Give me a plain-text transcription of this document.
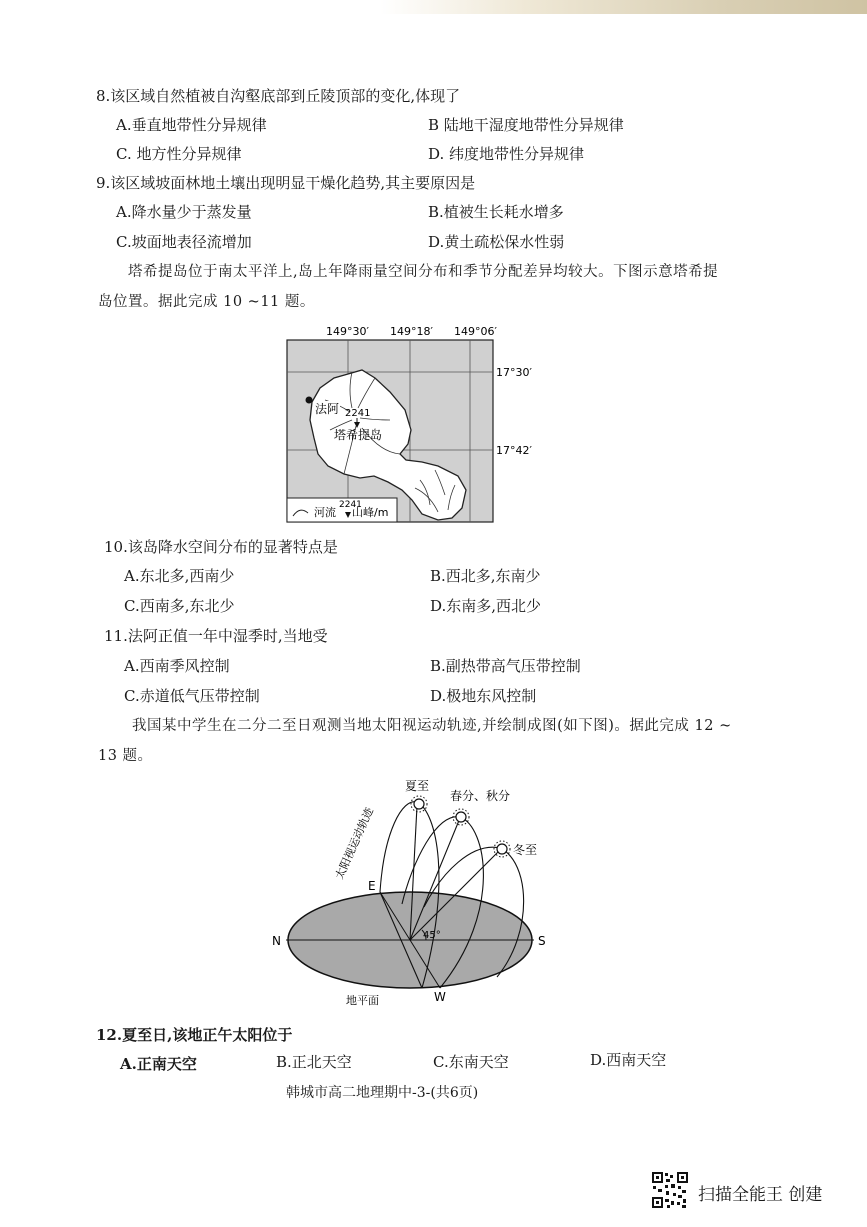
8.该区域自然植被自沟壑底部到丘陵顶部的变化,体现了
A.垂直地带性分异规律	B 陆地干湿度地带性分异规律
C. 地方性分异规律	D. 纬度地带性分异规律
9.该区域坡面林地土壤出现明显干燥化趋势,其主要原因是
A.降水量少于蒸发量	B.植被生长耗水增多
C.坡面地表径流增加	D.黄土疏松保水性弱
塔希提岛位于南太平洋上,岛上年降雨量空间分布和季节分配差异均较大。下图示意塔希提
岛位置。据此完成 10 ~11 题。
149°30′ 149°18′ 149°06′
法阿 2241
塔希提岛
河流
2241
山峰/m
17°30′
17°42′
10.该岛降水空间分布的显著特点是
A.东北多,西南少	B.西北多,东南少
C.西南多,东北少	D.东南多,西北少
11.法阿正值一年中湿季时,当地受
A.西南季风控制	B.副热带高气压带控制
C.赤道低气压带控制	D.极地东风控制
我国某中学生在二分二至日观测当地太阳视运动轨迹,并绘制成图(如下图)。据此完成 12 ~
13 题。
太阳视运动轨迹
夏至
春分、秋分
冬至
E
N	S
W
45°
地平面
12.夏至日,该地正午太阳位于
A.正南天空	B.正北天空	C.东南天空	D.西南天空
韩城市高二地理期中-3-(共6页)
扫描全能王 创建
